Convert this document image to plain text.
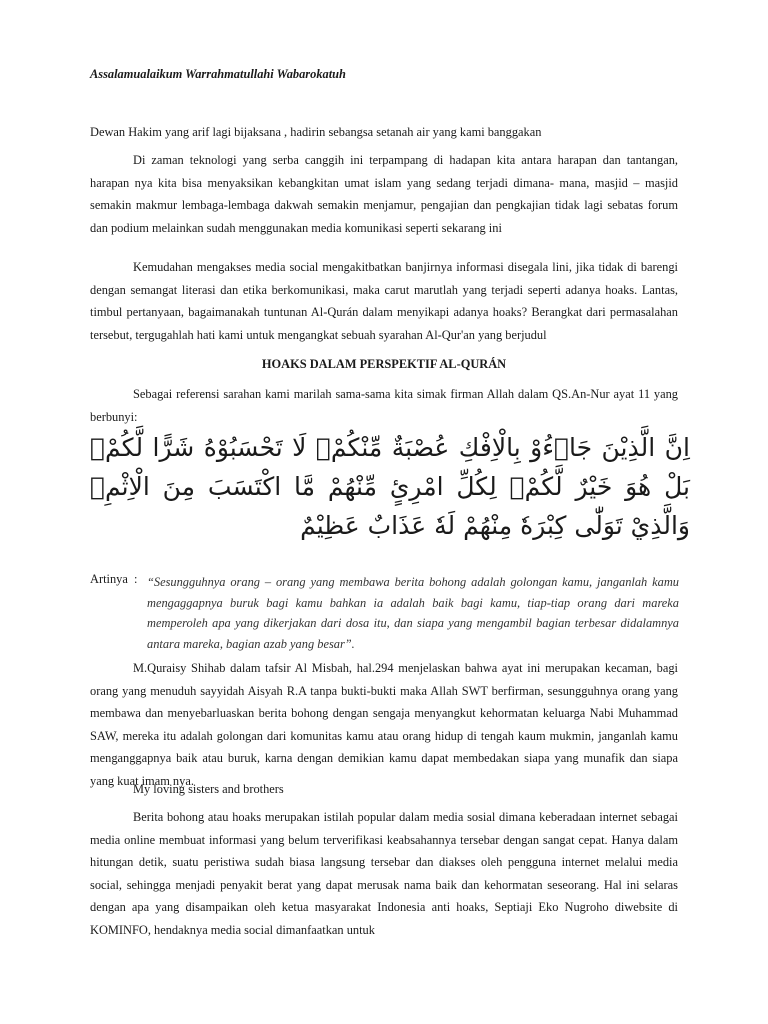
Assalamualaikum Warrahmatullahi Wabarokatuh

Dewan Hakim yang arif lagi bijaksana , hadirin sebangsa setanah air yang kami banggakan

Di zaman teknologi yang serba canggih ini terpampang di hadapan kita antara harapan dan tantangan, harapan nya kita bisa menyaksikan kebangkitan umat islam yang sedang terjadi dimana- mana, masjid – masjid semakin makmur lembaga-lembaga dakwah semakin menjamur, pengajian dan pengkajian tidak lagi sebatas forum dan podium melainkan sudah menggunakan media komunikasi seperti sekarang ini

Kemudahan mengakses media social mengakitbatkan banjirnya informasi disegala lini, jika tidak di barengi dengan semangat literasi dan etika berkomunikasi, maka carut marutlah yang terjadi seperti adanya hoaks. Lantas, timbul pertanyaan, bagaimanakah tuntunan Al-Qurán dalam menyikapi adanya hoaks? Berangkat dari permasalahan tersebut, tergugahlah hati kami untuk mengangkat sebuah syarahan Al-Qur'an yang berjudul

HOAKS DALAM PERSPEKTIF AL-QURÁN

Sebagai referensi sarahan kami marilah sama-sama kita simak firman Allah dalam QS.An-Nur ayat 11 yang berbunyi:

اِنَّ الَّذِيْنَ جَاۤءُوْ بِالْاِفْكِ عُصْبَةٌ مِّنْكُمْۗ لَا تَحْسَبُوْهُ شَرًّا لَّكُمْۗ بَلْ هُوَ خَيْرٌ لَّكُمْۗ لِكُلِّ امْرِئٍ مِّنْهُمْ مَّا اكْتَسَبَ مِنَ الْاِثْمِۚ وَالَّذِيْ تَوَلّٰى كِبْرَهٗ مِنْهُمْ لَهٗ عَذَابٌ عَظِيْمٌ

Artinya  : “Sesungguhnya orang – orang yang membawa berita bohong adalah golongan kamu, janganlah kamu mengaggapnya buruk bagi kamu bahkan ia adalah baik bagi kamu, tiap-tiap orang dari mareka memperoleh apa yang dikerjakan dari dosa itu, dan siapa yang mengambil bagian terbesar didalamnya antara mareka, bagian azab yang besar”.

M.Quraisy Shihab dalam tafsir Al Misbah, hal.294 menjelaskan bahwa ayat ini merupakan kecaman, bagi orang yang menuduh sayyidah Aisyah R.A tanpa bukti-bukti maka Allah SWT berfirman, sesungguhnya orang yang membawa dan menyebarluaskan berita bohong dengan sengaja menyangkut kehormatan keluarga Nabi Muhammad SAW, mereka itu adalah golongan dari komunitas kamu atau orang hidup di tengah kaum mukmin, janganlah kamu menganggapnya baik atau buruk, karna dengan demikian kamu dapat membedakan siapa yang munafik dan siapa yang kuat imam nya.

My loving sisters and brothers

Berita bohong atau hoaks merupakan istilah popular dalam media sosial dimana keberadaan internet sebagai media online membuat informasi yang belum terverifikasi keabsahannya tersebar dengan sangat cepat. Hanya dalam hitungan detik, suatu peristiwa sudah biasa langsung tersebar dan diakses oleh pengguna internet melalui media social, sehingga menjadi penyakit berat yang dapat merusak nama baik dan kehormatan seseorang. Hal ini selaras dengan apa yang disampaikan oleh ketua masyarakat Indonesia anti hoaks, Septiaji Eko Nugroho diwebsite di KOMINFO, hendaknya media social dimanfaatkan untuk
